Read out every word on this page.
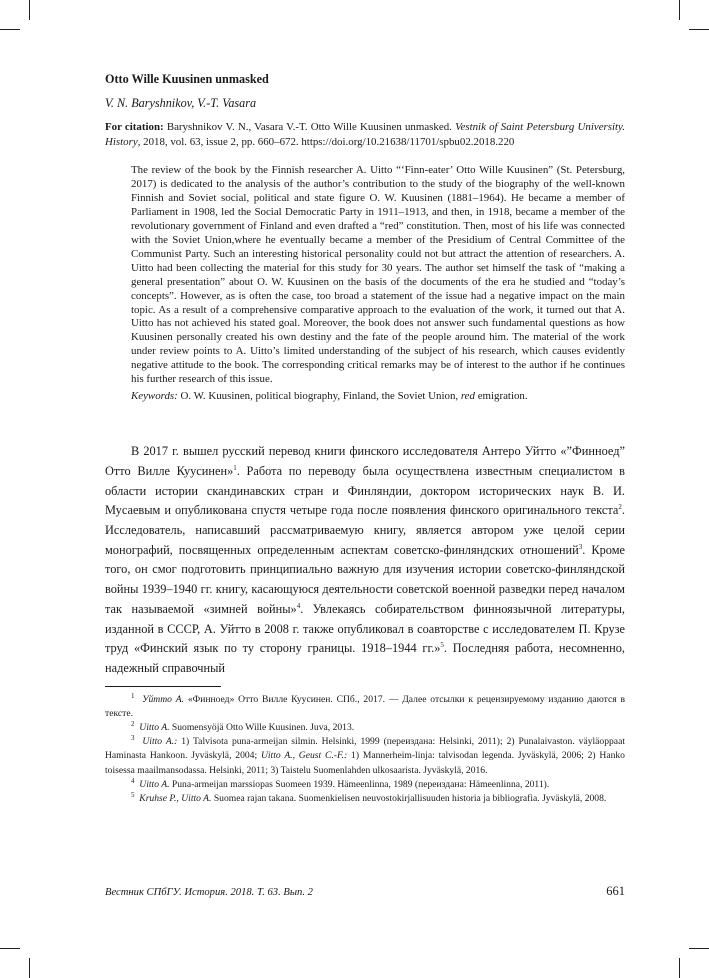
Otto Wille Kuusinen unmasked
V. N. Baryshnikov, V.-T. Vasara
For citation: Baryshnikov V. N., Vasara V.-T. Otto Wille Kuusinen unmasked. Vestnik of Saint Petersburg University. History, 2018, vol. 63, issue 2, pp. 660–672. https://doi.org/10.21638/11701/spbu02.2018.220

The review of the book by the Finnish researcher A. Uitto “‘Finn-eater’ Otto Wille Kuusinen” (St. Petersburg, 2017) is dedicated to the analysis of the author’s contribution to the study of the biography of the well-known Finnish and Soviet social, political and state figure O. W. Kuusinen (1881–1964). He became a member of Parliament in 1908, led the Social Democratic Party in 1911–1913, and then, in 1918, became a member of the revolutionary government of Finland and even drafted a “red” constitution. Then, most of his life was connected with the Soviet Union,where he eventually became a member of the Presidium of Central Committee of the Communist Party. Such an interesting historical personality could not but attract the attention of researchers. A. Uitto had been collecting the material for this study for 30 years. The author set himself the task of “making a general presentation” about O. W. Kuusinen on the basis of the documents of the era he studied and “today’s concepts”. However, as is often the case, too broad a statement of the issue had a negative impact on the main topic. As a result of a comprehensive comparative approach to the evaluation of the work, it turned out that A. Uitto has not achieved his stated goal. Moreover, the book does not answer such fundamental questions as how Kuusinen personally created his own destiny and the fate of the people around him. The material of the work under review points to A. Uitto’s limited understanding of the subject of his research, which causes evidently negative attitude to the book. The corresponding critical remarks may be of interest to the author if he continues his further research of this issue.

Keywords: O. W. Kuusinen, political biography, Finland, the Soviet Union, red emigration.

В 2017 г. вышел русский перевод книги финского исследователя Антеро Уйтто «”Финноед” Отто Вилле Куусинен»$^1$. Работа по переводу была осуществлена известным специалистом в области истории скандинавских стран и Финляндии, доктором исторических наук В. И. Мусаевым и опубликована спустя четыре года после появления финского оригинального текста$^2$. Исследователь, написавший рассматриваемую книгу, является автором уже целой серии монографий, посвященных определенным аспектам советско-финляндских отношений$^3$. Кроме того, он смог подготовить принципиально важную для изучения истории советско-финляндской войны 1939–1940 гг. книгу, касающуюся деятельности советской военной разведки перед началом так называемой «зимней войны»$^4$. Увлекаясь собирательством финноязычной литературы, изданной в СССР, А. Уйтто в 2008 г. также опубликовал в соавторстве с исследователем П. Крузе труд «Финский язык по ту сторону границы. 1918–1944 гг.»$^5$. Последняя работа, несомненно, надежный справочный

$^1$ Уйтто А. «Финноед» Отто Вилле Куусинен. СПб., 2017. — Далее отсылки к рецензируемому изданию даются в тексте.

$^2$ Uitto A. Suomensyöjä Otto Wille Kuusinen. Juva, 2013.

$^3$ Uitto A.: 1) Talvisota puna-armeijan silmin. Helsinki, 1999 (переиздана: Helsinki, 2011); 2) Punalaivaston. väyläoppaat Haminasta Hankoon. Jyväskylä, 2004; Uitto A., Geust C.-F.: 1) Mannerheim-linja: talvisodan legenda. Jyväskylä, 2006; 2) Hanko toisessa maailmansodassa. Helsinki, 2011; 3) Taistelu Suomenlahden ulkosaarista. Jyväskylä, 2016.

$^4$ Uitto A. Puna-armeijan marssiopas Suomeen 1939. Hämeenlinna, 1989 (переиздана: Hämeenlinna, 2011).

$^5$ Kruhse P., Uitto A. Suomea rajan takana. Suomenkielisen neuvostokirjallisuuden historia ja bibliografia. Jyväskylä, 2008.

Вестник СПбГУ. История. 2018. Т. 63. Вып. 2	661
